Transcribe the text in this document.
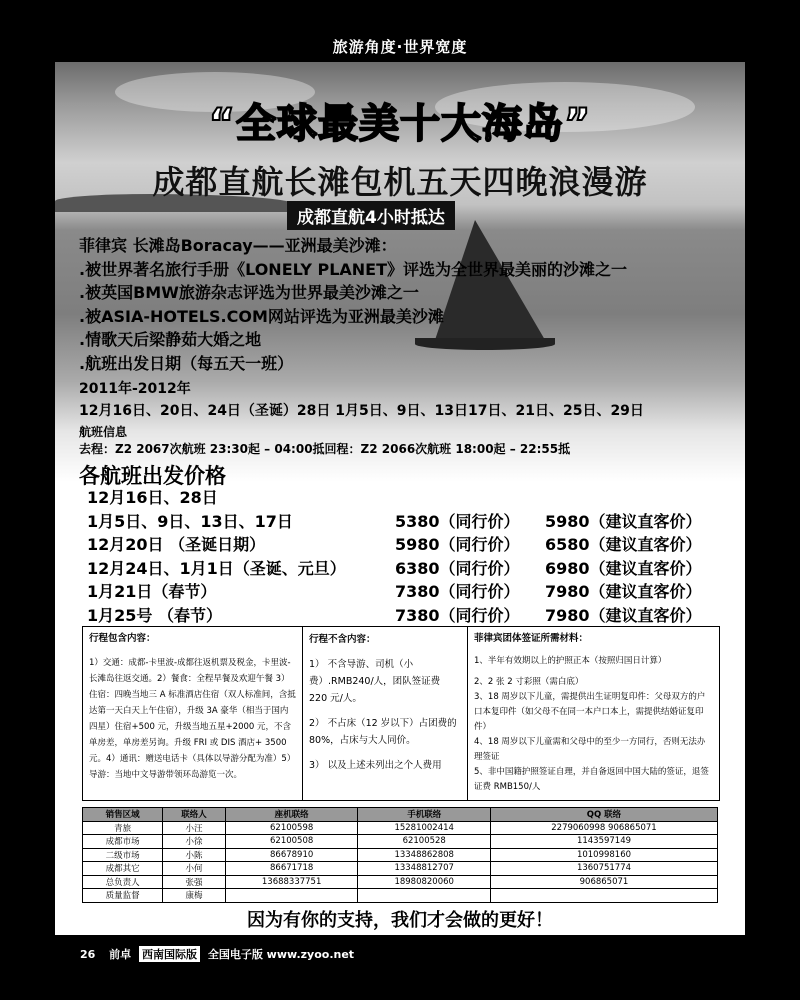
旅游角度·世界宽度
“全球最美十大海岛”
成都直航长滩包机五天四晚浪漫游
成都直航4小时抵达
菲律宾 长滩岛Boracay——亚洲最美沙滩：
.被世界著名旅行手册《LONELY PLANET》评选为全世界最美丽的沙滩之一
.被英国BMW旅游杂志评选为世界最美沙滩之一
.被ASIA-HOTELS.COM网站评选为亚洲最美沙滩
.情歌天后梁静茹大婚之地
.航班出发日期（每五天一班）
2011年-2012年
12月16日、20日、24日（圣诞）28日 1月5日、9日、13日17日、21日、25日、29日
航班信息
去程：Z2 2067次航班 23:30起 – 04:00抵回程：Z2 2066次航班 18:00起 – 22:55抵
各航班出发价格
12月16日、28日
1月5日、9日、13日、17日	5380（同行价） 5980（建议直客价）
12月20日 （圣诞日期）	5980（同行价） 6580（建议直客价）
12月24日、1月1日（圣诞、元旦）	6380（同行价） 6980（建议直客价）
1月21日（春节）	7380（同行价） 7980（建议直客价）
1月25号 （春节）	7380（同行价） 7980（建议直客价）
行程包含内容：
1）交通：成都-卡里波-成都往返机票及税金，卡里波-长滩岛往返交通。2）餐食：全程早餐及欢迎午餐 3）住宿：四晚当地三 A 标准酒店住宿（双人标准间，含抵达第一天白天上午住宿），升级 3A 豪华（相当于国内四星）住宿+500 元，升级当地五星+2000 元，不含单房差，单房差另询。升级 FRI 或 DIS 酒店+ 3500 元。4）通讯：赠送电话卡（具体以导游分配为准）5）导游：当地中文导游带领环岛游览一次。
行程不含内容：
1） 不含导游、司机（小费）.RMB240/人，团队签证费 220 元/人。
2） 不占床（12 岁以下）占团费的 80%，占床与大人同价。
3） 以及上述未列出之个人费用
菲律宾团体签证所需材料：
1、半年有效期以上的护照正本（按照归国日计算）
2、2 张 2 寸彩照（需白底）
3、18 周岁以下儿童，需提供出生证明复印件：父母双方的户口本复印件（如父母不在同一本户口本上，需提供结婚证复印件）
4、18 周岁以下儿童需和父母中的至少一方同行，否则无法办理签证
5、非中国籍护照签证自理，并自备返回中国大陆的签证，退签证费 RMB150/人
销售区域	联络人	座机联络	手机联络	QQ 联络
青旅	小汪	62100598	15281002414	2279060998 906865071
成都市场	小徐	62100508	62100528	1143597149
二级市场	小陈	86678910	13348862808	1010998160
成都其它	小何	86671718	13348812707	1360751774
总负责人	张强	13688337751	18980820060	906865071
质量监督	康梅			
因为有你的支持，我们才会做的更好！
26 前卓 西南国际版 全国电子版 www.zyoo.net
